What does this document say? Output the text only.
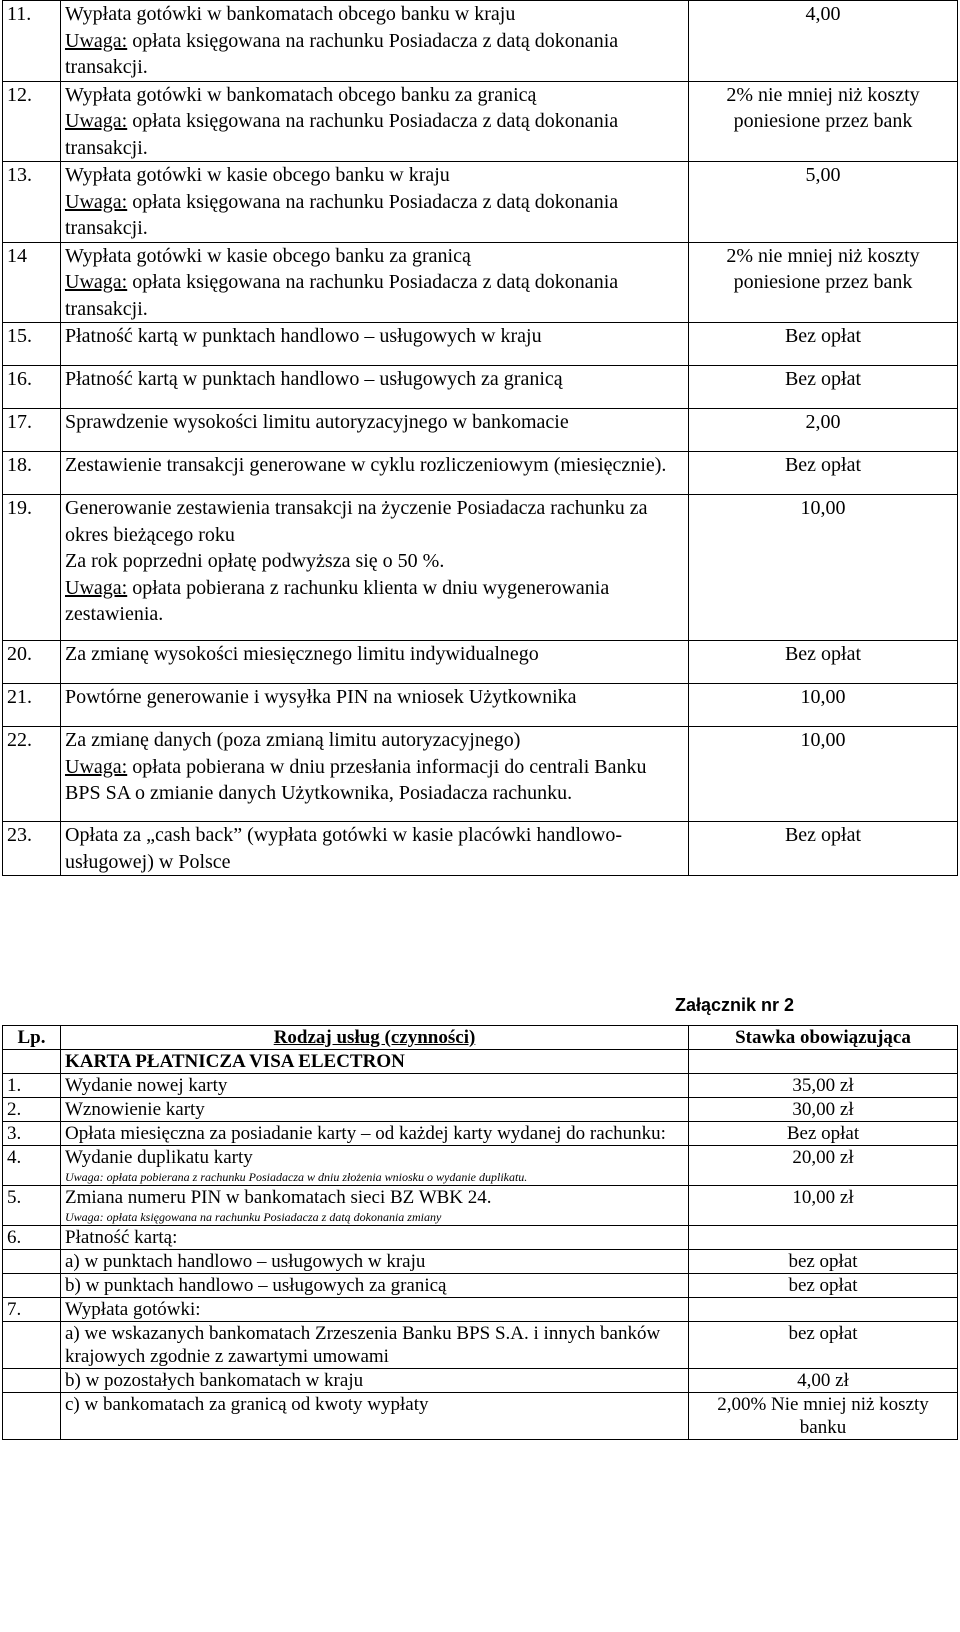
11.	Wypłata gotówki w bankomatach obcego banku w kraju
Uwaga: opłata księgowana na rachunku Posiadacza z datą dokonania transakcji.	4,00
12.	Wypłata gotówki w bankomatach obcego banku za granicą
Uwaga: opłata księgowana na rachunku Posiadacza z datą dokonania transakcji.	2% nie mniej niż koszty poniesione przez bank
13.	Wypłata gotówki w kasie obcego banku w kraju
Uwaga: opłata księgowana na rachunku Posiadacza z datą dokonania transakcji.	5,00
14	Wypłata gotówki w kasie obcego banku za granicą
Uwaga: opłata księgowana na rachunku Posiadacza z datą dokonania transakcji.	2% nie mniej niż koszty poniesione przez bank
15.	Płatność kartą w punktach handlowo – usługowych w kraju	Bez opłat
16.	Płatność kartą w punktach handlowo – usługowych za granicą	Bez opłat
17.	Sprawdzenie wysokości limitu autoryzacyjnego w bankomacie	2,00
18.	Zestawienie transakcji generowane w cyklu rozliczeniowym (miesięcznie).	Bez opłat
19.	Generowanie zestawienia transakcji na życzenie Posiadacza rachunku za okres bieżącego roku
Za rok poprzedni opłatę podwyższa się o 50 %.
Uwaga: opłata pobierana z rachunku klienta w dniu wygenerowania zestawienia.	10,00
20.	Za zmianę wysokości miesięcznego limitu indywidualnego	Bez opłat
21.	Powtórne generowanie i wysyłka PIN na wniosek Użytkownika	10,00
22.	Za zmianę danych (poza zmianą limitu autoryzacyjnego)
Uwaga: opłata pobierana w dniu przesłania informacji do centrali Banku BPS SA o zmianie danych Użytkownika, Posiadacza rachunku.	10,00
23.	Opłata za „cash back” (wypłata gotówki w kasie placówki handlowo-usługowej) w Polsce	Bez opłat
Załącznik nr 2
Lp.	Rodzaj usług (czynności)	Stawka obowiązująca
	KARTA PŁATNICZA VISA ELECTRON	
1.	Wydanie nowej karty	35,00 zł
2.	Wznowienie karty	30,00 zł
3.	Opłata miesięczna za posiadanie karty – od każdej karty wydanej do rachunku:	Bez opłat
4.	Wydanie duplikatu karty
Uwaga: opłata pobierana z rachunku Posiadacza w dniu złożenia wniosku o wydanie duplikatu.	20,00 zł
5.	Zmiana numeru PIN w bankomatach sieci BZ WBK 24.
Uwaga: opłata księgowana na rachunku Posiadacza z datą dokonania zmiany	10,00 zł
6.	Płatność kartą:	

	a) w punktach handlowo – usługowych w kraju	bez opłat

	b) w punktach handlowo – usługowych za granicą	bez opłat
7.	Wypłata gotówki:	

	a) we wskazanych bankomatach Zrzeszenia Banku BPS S.A. i innych banków krajowych zgodnie z zawartymi umowami	bez opłat

	b) w pozostałych bankomatach w kraju	4,00 zł

	c) w bankomatach za granicą od kwoty wypłaty	2,00% Nie mniej niż koszty banku
